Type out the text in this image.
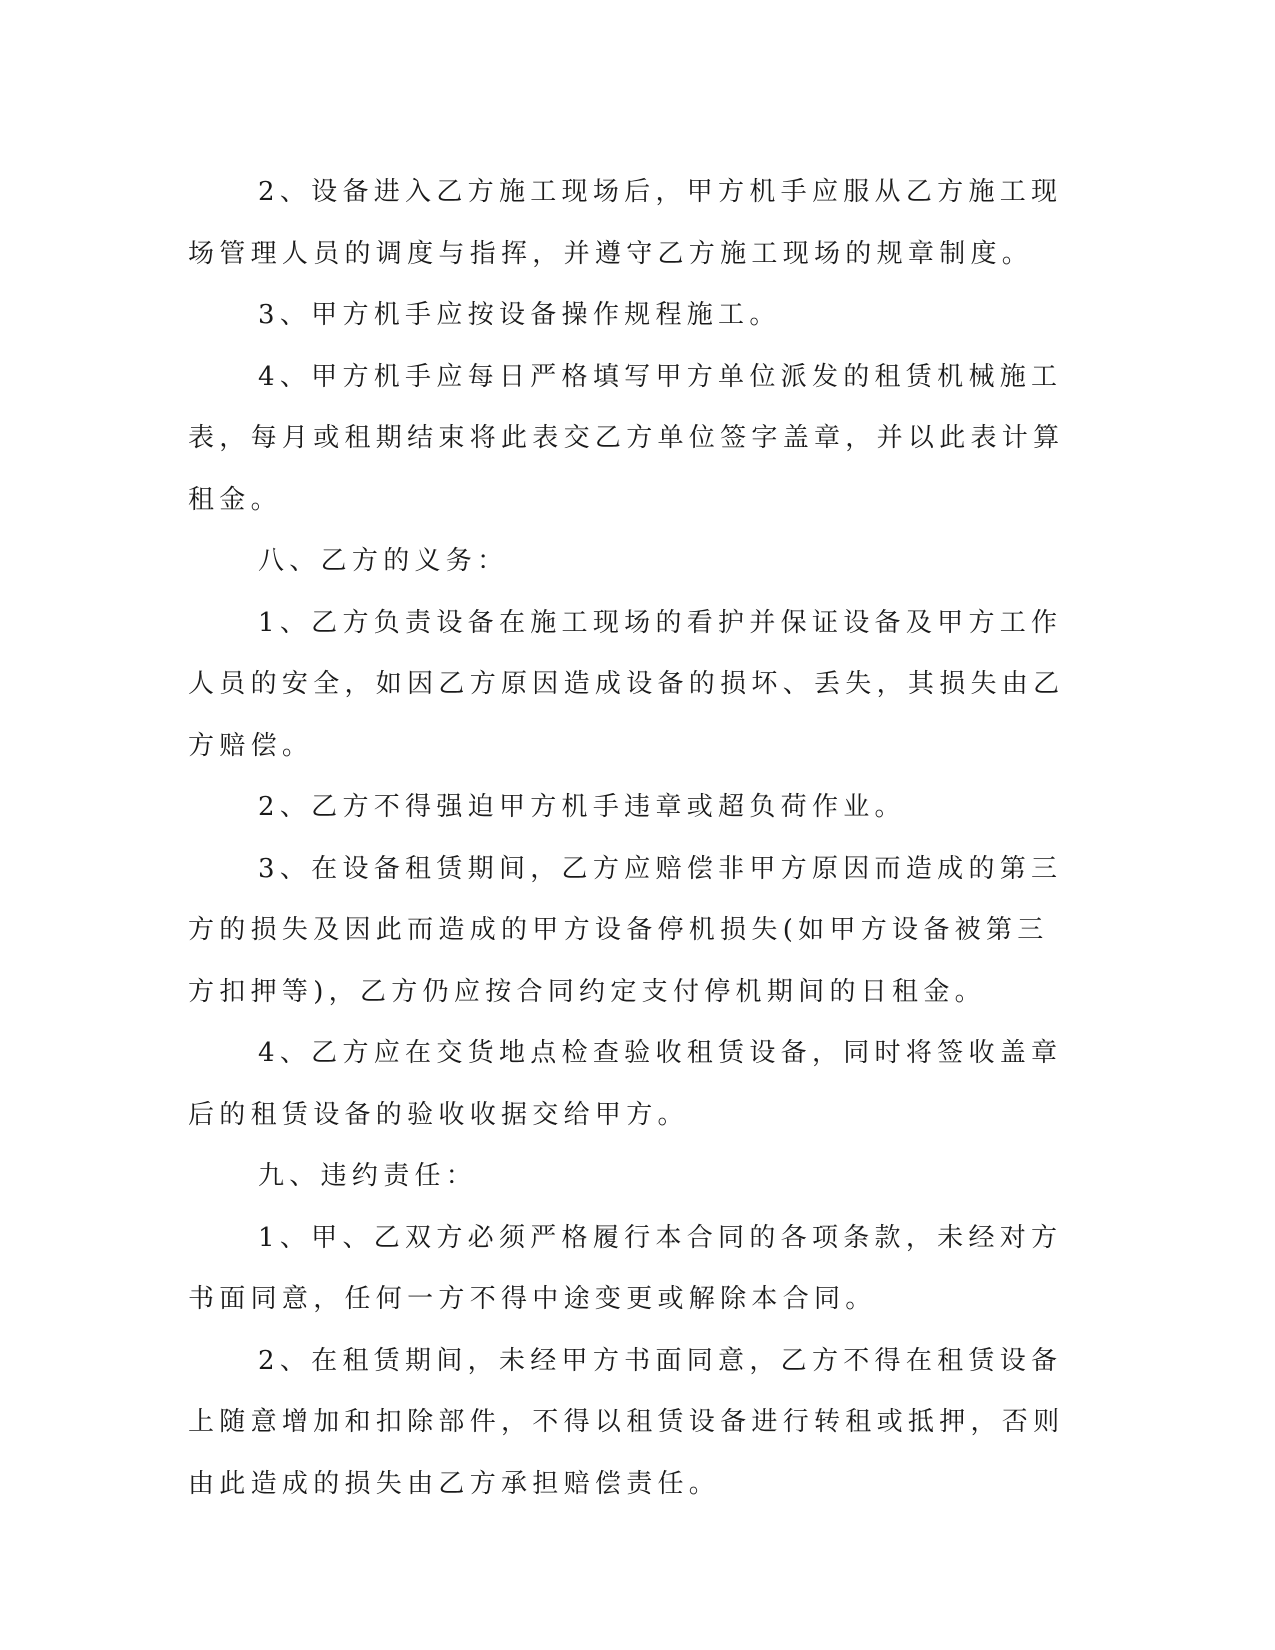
2、设备进入乙方施工现场后，甲方机手应服从乙方施工现场管理人员的调度与指挥，并遵守乙方施工现场的规章制度。

3、甲方机手应按设备操作规程施工。

4、甲方机手应每日严格填写甲方单位派发的租赁机械施工表，每月或租期结束将此表交乙方单位签字盖章，并以此表计算租金。

八、乙方的义务：

1、乙方负责设备在施工现场的看护并保证设备及甲方工作人员的安全，如因乙方原因造成设备的损坏、丢失，其损失由乙方赔偿。

2、乙方不得强迫甲方机手违章或超负荷作业。

3、在设备租赁期间，乙方应赔偿非甲方原因而造成的第三方的损失及因此而造成的甲方设备停机损失(如甲方设备被第三方扣押等)，乙方仍应按合同约定支付停机期间的日租金。

4、乙方应在交货地点检查验收租赁设备，同时将签收盖章后的租赁设备的验收收据交给甲方。

九、违约责任：

1、甲、乙双方必须严格履行本合同的各项条款，未经对方书面同意，任何一方不得中途变更或解除本合同。

2、在租赁期间，未经甲方书面同意，乙方不得在租赁设备上随意增加和扣除部件，不得以租赁设备进行转租或抵押，否则由此造成的损失由乙方承担赔偿责任。
